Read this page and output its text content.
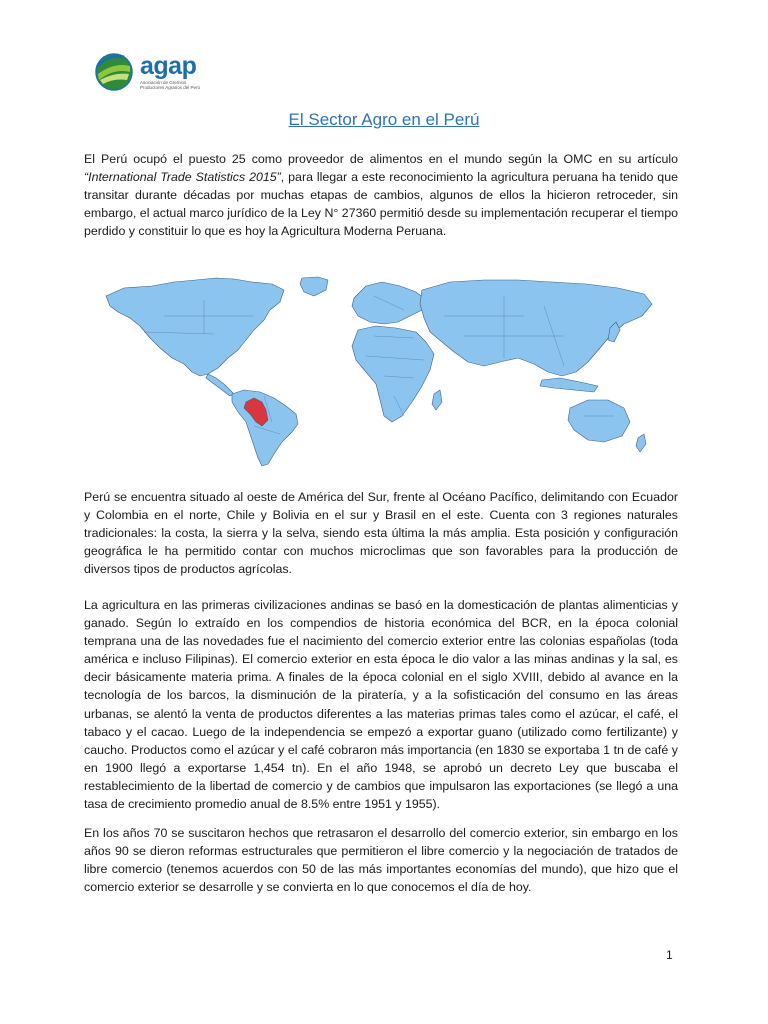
agap
Asociación de Gremios Productores Agrarios del Perú
El Sector Agro en el Perú

El Perú ocupó el puesto 25 como proveedor de alimentos en el mundo según la OMC en su artículo “International Trade Statistics 2015”, para llegar a este reconocimiento la agricultura peruana ha tenido que transitar durante décadas por muchas etapas de cambios, algunos de ellos la hicieron retroceder, sin embargo, el actual marco jurídico de la Ley N° 27360 permitió desde su implementación recuperar el tiempo perdido y constituir lo que es hoy la Agricultura Moderna Peruana.

Perú se encuentra situado al oeste de América del Sur, frente al Océano Pacífico, delimitando con Ecuador y Colombia en el norte, Chile y Bolivia en el sur y Brasil en el este. Cuenta con 3 regiones naturales tradicionales: la costa, la sierra y la selva, siendo esta última la más amplia. Esta posición y configuración geográfica le ha permitido contar con muchos microclimas que son favorables para la producción de diversos tipos de productos agrícolas.

La agricultura en las primeras civilizaciones andinas se basó en la domesticación de plantas alimenticias y ganado. Según lo extraído en los compendios de historia económica del BCR, en la época colonial temprana una de las novedades fue el nacimiento del comercio exterior entre las colonias españolas (toda américa e incluso Filipinas). El comercio exterior en esta época le dio valor a las minas andinas y la sal, es decir básicamente materia prima. A finales de la época colonial en el siglo XVIII, debido al avance en la tecnología de los barcos, la disminución de la piratería, y a la sofisticación del consumo en las áreas urbanas, se alentó la venta de productos diferentes a las materias primas tales como el azúcar, el café, el tabaco y el cacao. Luego de la independencia se empezó a exportar guano (utilizado como fertilizante) y caucho. Productos como el azúcar y el café cobraron más importancia (en 1830 se exportaba 1 tn de café y en 1900 llegó a exportarse 1,454 tn). En el año 1948, se aprobó un decreto Ley que buscaba el restablecimiento de la libertad de comercio y de cambios que impulsaron las exportaciones (se llegó a una tasa de crecimiento promedio anual de 8.5% entre 1951 y 1955).

En los años 70 se suscitaron hechos que retrasaron el desarrollo del comercio exterior, sin embargo en los años 90 se dieron reformas estructurales que permitieron el libre comercio y la negociación de tratados de libre comercio (tenemos acuerdos con 50 de las más importantes economías del mundo), que hizo que el comercio exterior se desarrolle y se convierta en lo que conocemos el día de hoy.

1
